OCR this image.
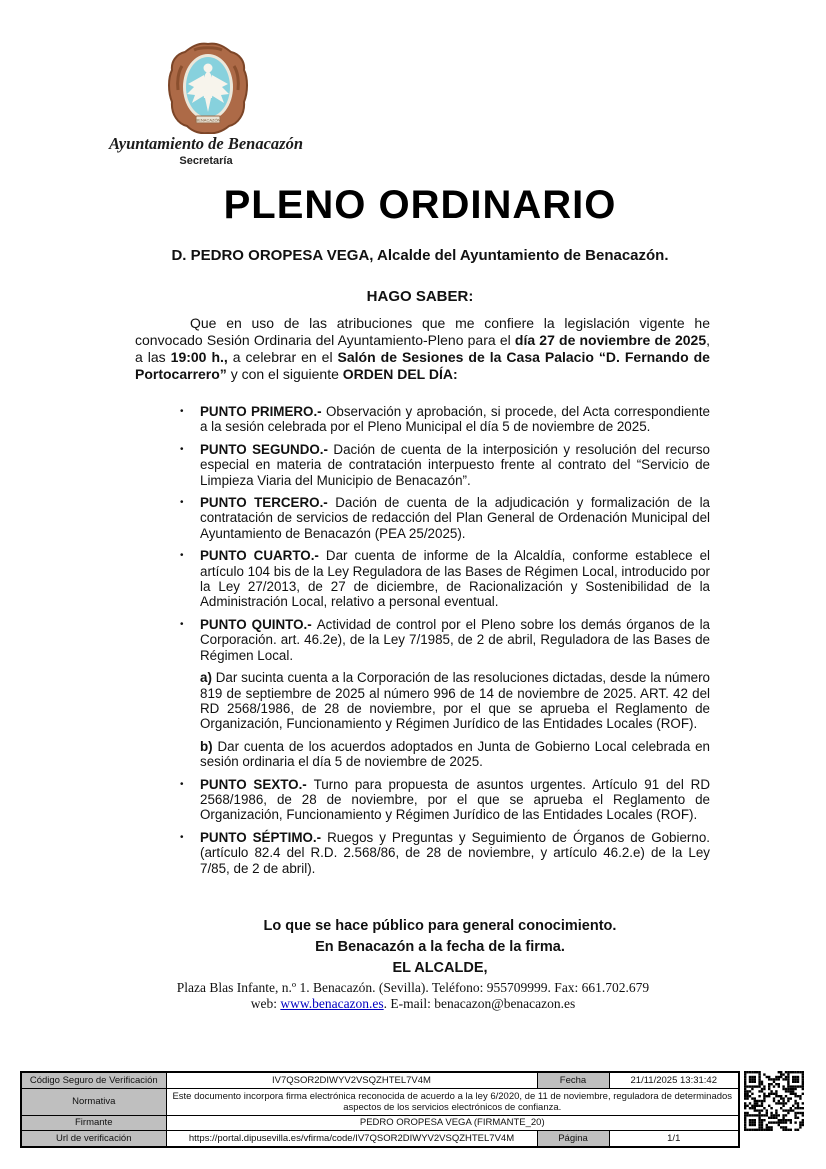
BENACAZÓN
Ayuntamiento de Benacazón
Secretaría
PLENO ORDINARIO
D. PEDRO OROPESA VEGA, Alcalde del Ayuntamiento de Benacazón.
HAGO SABER:

Que en uso de las atribuciones que me confiere la legislación vigente he convocado Sesión Ordinaria del Ayuntamiento-Pleno para el día 27 de noviembre de 2025, a las 19:00 h., a celebrar en el Salón de Sesiones de la Casa Palacio “D. Fernando de Portocarrero” y con el siguiente ORDEN DEL DÍA:

•	PUNTO PRIMERO.- Observación y aprobación, si procede, del Acta correspondiente a la sesión celebrada por el Pleno Municipal el día 5 de noviembre de 2025.

•	PUNTO SEGUNDO.- Dación de cuenta de la interposición y resolución del recurso especial en materia de contratación interpuesto frente al contrato del “Servicio de Limpieza Viaria del Municipio de Benacazón”.

•	PUNTO TERCERO.- Dación de cuenta de la adjudicación y formalización de la contratación de servicios de redacción del Plan General de Ordenación Municipal del Ayuntamiento de Benacazón (PEA 25/2025).

•	PUNTO CUARTO.- Dar cuenta de informe de la Alcaldía, conforme establece el artículo 104 bis de la Ley Reguladora de las Bases de Régimen Local, introducido por la Ley 27/2013, de 27 de diciembre, de Racionalización y Sostenibilidad de la Administración Local, relativo a personal eventual.

•	PUNTO QUINTO.- Actividad de control por el Pleno sobre los demás órganos de la Corporación. art. 46.2e), de la Ley 7/1985, de 2 de abril, Reguladora de las Bases de Régimen Local.

a) Dar sucinta cuenta a la Corporación de las resoluciones dictadas, desde la número 819 de septiembre de 2025 al número 996 de 14 de noviembre de 2025. ART. 42 del RD 2568/1986, de 28 de noviembre, por el que se aprueba el Reglamento de Organización, Funcionamiento y Régimen Jurídico de las Entidades Locales (ROF).

b) Dar cuenta de los acuerdos adoptados en Junta de Gobierno Local celebrada en sesión ordinaria el día 5 de noviembre de 2025.

•	PUNTO SEXTO.- Turno para propuesta de asuntos urgentes. Artículo 91 del RD 2568/1986, de 28 de noviembre, por el que se aprueba el Reglamento de Organización, Funcionamiento y Régimen Jurídico de las Entidades Locales (ROF).

•	PUNTO SÉPTIMO.- Ruegos y Preguntas y Seguimiento de Órganos de Gobierno. (artículo 82.4 del R.D. 2.568/86, de 28 de noviembre, y artículo 46.2.e) de la Ley 7/85, de 2 de abril).

Lo que se hace público para general conocimiento.
En Benacazón a la fecha de la firma.
EL ALCALDE,
Plaza Blas Infante, n.º 1. Benacazón. (Sevilla). Teléfono: 955709999. Fax: 661.702.679
web: www.benacazon.es. E-mail: benacazon@benacazon.es
Código Seguro de Verificación	IV7QSOR2DIWYV2VSQZHTEL7V4M	Fecha	21/11/2025 13:31:42
Normativa	Este documento incorpora firma electrónica reconocida de acuerdo a la ley 6/2020, de 11 de noviembre, reguladora de determinados aspectos de los servicios electrónicos de confianza.		
Firmante	PEDRO OROPESA VEGA (FIRMANTE_20)		
Url de verificación	https://portal.dipusevilla.es/vfirma/code/IV7QSOR2DIWYV2VSQZHTEL7V4M	Página	1/1
